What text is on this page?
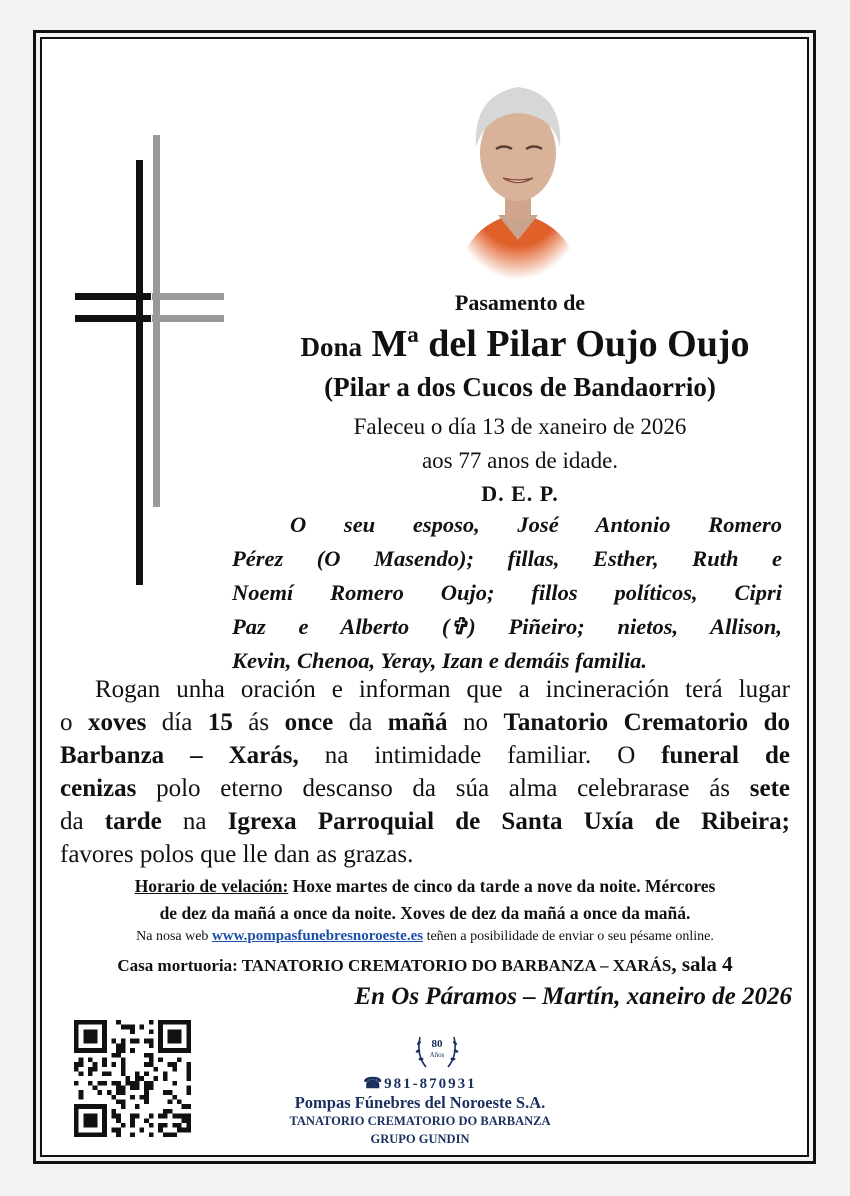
Pasamento de
Dona Mª del Pilar Oujo Oujo
(Pilar a dos Cucos de Bandaorrio)
Faleceu o día 13 de xaneiro de 2026
aos 77 anos de idade.
D. E. P.
O seu esposo, José Antonio Romero
Pérez (O Masendo); fillas, Esther, Ruth e
Noemí Romero Oujo; fillos políticos, Cipri
Paz e Alberto (✞) Piñeiro; nietos, Allison,
Kevin, Chenoa, Yeray, Izan e demáis familia.
Rogan unha oración e informan que a incineración terá lugar
o xoves día 15 ás once da mañá no Tanatorio Crematorio do
Barbanza – Xarás, na intimidade familiar. O funeral de
cenizas polo eterno descanso da súa alma celebrarase ás sete
da tarde na Igrexa Parroquial de Santa Uxía de Ribeira;
favores polos que lle dan as grazas.
Horario de velación: Hoxe martes de cinco da tarde a nove da noite. Mércores
de dez da mañá a once da noite. Xoves de dez da mañá a once da mañá.
Na nosa web www.pompasfunebresnoroeste.es teñen a posibilidade de enviar o seu pésame online.
Casa mortuoria: TANATORIO CREMATORIO DO BARBANZA – XARÁS, sala 4
En Os Páramos – Martín, xaneiro de 2026
80
Años
☎981-870931
Pompas Fúnebres del Noroeste S.A.
TANATORIO CREMATORIO DO BARBANZA
GRUPO GUNDIN
